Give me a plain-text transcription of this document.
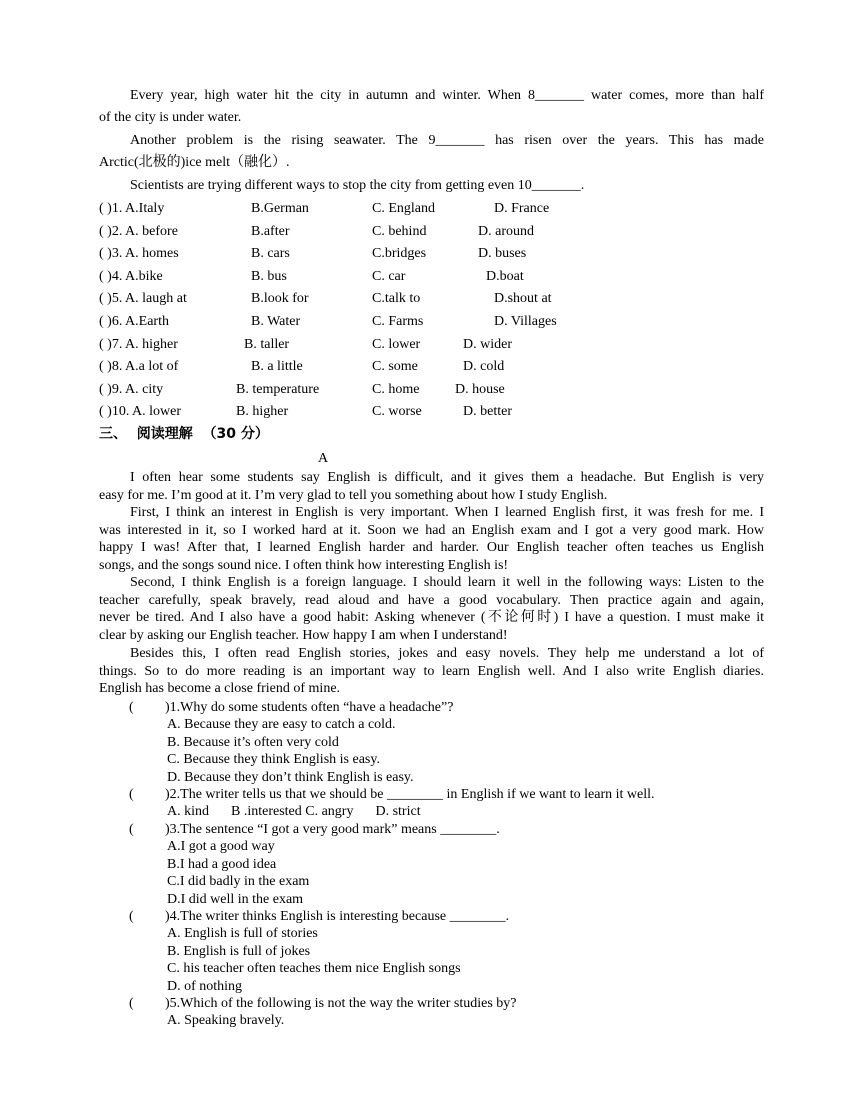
Every year, high water hit the city in autumn and winter. When 8_______ water comes, more than half
of the city is under water.
Another problem is the rising seawater. The 9_______ has risen over the years. This has made
Arctic(北极的)ice melt（融化）.
Scientists are trying different ways to stop the city from getting even 10_______.
( )1. A.Italy	B.German	C. England	D. France
( )2. A. before	B.after	C. behind	D. around
( )3. A. homes	B. cars	C.bridges	D. buses
( )4. A.bike	B. bus	C. car	D.boat
( )5. A. laugh at	B.look for	C.talk to	D.shout at
( )6. A.Earth	B. Water	C. Farms	D. Villages
( )7. A. higher	B. taller	C. lower	D. wider
( )8. A.a lot of	B. a little	C. some	D. cold
( )9. A. city	B. temperature	C. home	D. house
( )10. A. lower	B. higher	C. worse	D. better
三、  阅读理解  （30 分）
A
I often hear some students say English is difficult, and it gives them a headache. But English is very
easy for me. I’m good at it. I’m very glad to tell you something about how I study English.
First, I think an interest in English is very important. When I learned English first, it was fresh for me. I
was interested in it, so I worked hard at it. Soon we had an English exam and I got a very good mark. How
happy I was! After that, I learned English harder and harder. Our English teacher often teaches us English
songs, and the songs sound nice. I often think how interesting English is!
Second, I think English is a foreign language. I should learn it well in the following ways: Listen to the
teacher carefully, speak bravely, read aloud and have a good vocabulary. Then practice again and again,
never be tired. And I also have a good habit: Asking whenever (不论何时) I have a question. I must make it
clear by asking our English teacher. How happy I am when I understand!
Besides this, I often read English stories, jokes and easy novels. They help me understand a lot of
things. So to do more reading is an important way to learn English well. And I also write English diaries.
English has become a close friend of mine.
( )1.Why do some students often “have a headache”?
A. Because they are easy to catch a cold.
B. Because it’s often very cold
C. Because they think English is easy.
D. Because they don’t think English is easy.
( )2.The writer tells us that we should be ________ in English if we want to learn it well.
A. kind B .interested C. angry D. strict
( )3.The sentence “I got a very good mark” means ________.
A.I got a good way
B.I had a good idea
C.I did badly in the exam
D.I did well in the exam
( )4.The writer thinks English is interesting because ________.
A. English is full of stories
B. English is full of jokes
C. his teacher often teaches them nice English songs
D. of nothing
( )5.Which of the following is not the way the writer studies by?
A. Speaking bravely.
